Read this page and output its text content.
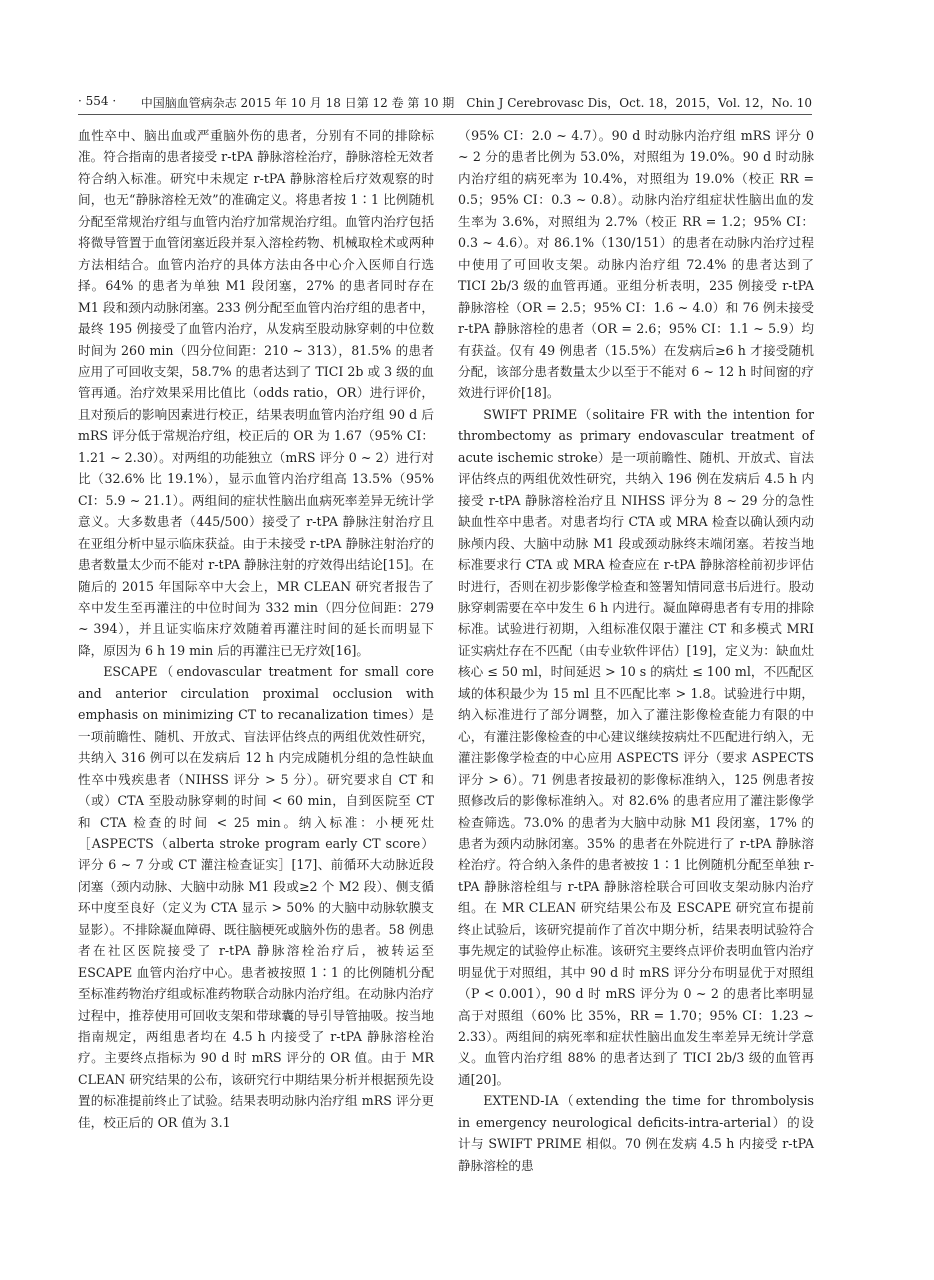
· 554 · 中国脑血管病杂志 2015 年 10 月 18 日第 12 卷 第 10 期　Chin J Cerebrovasc Dis，Oct. 18，2015，Vol. 12，No. 10

血性卒中、脑出血或严重脑外伤的患者，分别有不同的排除标准。符合指南的患者接受 r-tPA 静脉溶栓治疗，静脉溶栓无效者符合纳入标准。研究中未规定 r-tPA 静脉溶栓后疗效观察的时间，也无“静脉溶栓无效”的准确定义。将患者按 1∶1 比例随机分配至常规治疗组与血管内治疗加常规治疗组。血管内治疗包括将微导管置于血管闭塞近段并泵入溶栓药物、机械取栓术或两种方法相结合。血管内治疗的具体方法由各中心介入医师自行选择。64% 的患者为单独 M1 段闭塞，27% 的患者同时存在 M1 段和颈内动脉闭塞。233 例分配至血管内治疗组的患者中，最终 195 例接受了血管内治疗，从发病至股动脉穿刺的中位数时间为 260 min（四分位间距：210 ~ 313），81.5% 的患者应用了可回收支架，58.7% 的患者达到了 TICI 2b 或 3 级的血管再通。治疗效果采用比值比（odds ratio，OR）进行评价，且对预后的影响因素进行校正，结果表明血管内治疗组 90 d 后 mRS 评分低于常规治疗组，校正后的 OR 为 1.67（95% CI：1.21 ~ 2.30）。对两组的功能独立（mRS 评分 0 ~ 2）进行对比（32.6% 比 19.1%），显示血管内治疗组高 13.5%（95% CI：5.9 ~ 21.1）。两组间的症状性脑出血病死率差异无统计学意义。大多数患者（445/500）接受了 r-tPA 静脉注射治疗且在亚组分析中显示临床获益。由于未接受 r-tPA 静脉注射治疗的患者数量太少而不能对 r-tPA 静脉注射的疗效得出结论[15]。在随后的 2015 年国际卒中大会上，MR CLEAN 研究者报告了卒中发生至再灌注的中位时间为 332 min（四分位间距：279 ~ 394），并且证实临床疗效随着再灌注时间的延长而明显下降，原因为 6 h 19 min 后的再灌注已无疗效[16]。

ESCAPE（endovascular treatment for small core and anterior circulation proximal occlusion with emphasis on minimizing CT to recanalization times）是一项前瞻性、随机、开放式、盲法评估终点的两组优效性研究，共纳入 316 例可以在发病后 12 h 内完成随机分组的急性缺血性卒中残疾患者（NIHSS 评分 > 5 分）。研究要求自 CT 和（或）CTA 至股动脉穿刺的时间 < 60 min，自到医院至 CT 和 CTA 检查的时间 < 25 min。纳入标准：小梗死灶［ASPECTS（alberta stroke program early CT score）评分 6 ~ 7 分或 CT 灌注检查证实］[17]、前循环大动脉近段闭塞（颈内动脉、大脑中动脉 M1 段或≥2 个 M2 段）、侧支循环中度至良好（定义为 CTA 显示 > 50% 的大脑中动脉软膜支显影）。不排除凝血障碍、既往脑梗死或脑外伤的患者。58 例患者在社区医院接受了 r-tPA 静脉溶栓治疗后，被转运至 ESCAPE 血管内治疗中心。患者被按照 1∶1 的比例随机分配至标准药物治疗组或标准药物联合动脉内治疗组。在动脉内治疗过程中，推荐使用可回收支架和带球囊的导引导管抽吸。按当地指南规定，两组患者均在 4.5 h 内接受了 r-tPA 静脉溶栓治疗。主要终点指标为 90 d 时 mRS 评分的 OR 值。由于 MR CLEAN 研究结果的公布，该研究行中期结果分析并根据预先设置的标准提前终止了试验。结果表明动脉内治疗组 mRS 评分更佳，校正后的 OR 值为 3.1

（95% CI：2.0 ~ 4.7）。90 d 时动脉内治疗组 mRS 评分 0 ~ 2 分的患者比例为 53.0%，对照组为 19.0%。90 d 时动脉内治疗组的病死率为 10.4%，对照组为 19.0%（校正 RR = 0.5；95% CI：0.3 ~ 0.8）。动脉内治疗组症状性脑出血的发生率为 3.6%，对照组为 2.7%（校正 RR = 1.2；95% CI：0.3 ~ 4.6）。对 86.1%（130/151）的患者在动脉内治疗过程中使用了可回收支架。动脉内治疗组 72.4% 的患者达到了 TICI 2b/3 级的血管再通。亚组分析表明，235 例接受 r-tPA 静脉溶栓（OR = 2.5；95% CI：1.6 ~ 4.0）和 76 例未接受 r-tPA 静脉溶栓的患者（OR = 2.6；95% CI：1.1 ~ 5.9）均有获益。仅有 49 例患者（15.5%）在发病后≥6 h 才接受随机分配，该部分患者数量太少以至于不能对 6 ~ 12 h 时间窗的疗效进行评价[18]。

SWIFT PRIME（solitaire FR with the intention for thrombectomy as primary endovascular treatment of acute ischemic stroke）是一项前瞻性、随机、开放式、盲法评估终点的两组优效性研究，共纳入 196 例在发病后 4.5 h 内接受 r-tPA 静脉溶栓治疗且 NIHSS 评分为 8 ~ 29 分的急性缺血性卒中患者。对患者均行 CTA 或 MRA 检查以确认颈内动脉颅内段、大脑中动脉 M1 段或颈动脉终末端闭塞。若按当地标准要求行 CTA 或 MRA 检查应在 r-tPA 静脉溶栓前初步评估时进行，否则在初步影像学检查和签署知情同意书后进行。股动脉穿刺需要在卒中发生 6 h 内进行。凝血障碍患者有专用的排除标准。试验进行初期，入组标准仅限于灌注 CT 和多模式 MRI 证实病灶存在不匹配（由专业软件评估）[19]，定义为：缺血灶核心 ≤ 50 ml，时间延迟 > 10 s 的病灶 ≤ 100 ml，不匹配区域的体积最少为 15 ml 且不匹配比率 > 1.8。试验进行中期，纳入标准进行了部分调整，加入了灌注影像检查能力有限的中心，有灌注影像检查的中心建议继续按病灶不匹配进行纳入，无灌注影像学检查的中心应用 ASPECTS 评分（要求 ASPECTS 评分 > 6）。71 例患者按最初的影像标准纳入，125 例患者按照修改后的影像标准纳入。对 82.6% 的患者应用了灌注影像学检查筛选。73.0% 的患者为大脑中动脉 M1 段闭塞，17% 的患者为颈内动脉闭塞。35% 的患者在外院进行了 r-tPA 静脉溶栓治疗。符合纳入条件的患者被按 1∶1 比例随机分配至单独 r-tPA 静脉溶栓组与 r-tPA 静脉溶栓联合可回收支架动脉内治疗组。在 MR CLEAN 研究结果公布及 ESCAPE 研究宣布提前终止试验后，该研究提前作了首次中期分析，结果表明试验符合事先规定的试验停止标准。该研究主要终点评价表明血管内治疗明显优于对照组，其中 90 d 时 mRS 评分分布明显优于对照组（P < 0.001），90 d 时 mRS 评分为 0 ~ 2 的患者比率明显高于对照组（60% 比 35%，RR = 1.70；95% CI：1.23 ~ 2.33）。两组间的病死率和症状性脑出血发生率差异无统计学意义。血管内治疗组 88% 的患者达到了 TICI 2b/3 级的血管再通[20]。

EXTEND-IA（extending the time for thrombolysis in emergency neurological deficits-intra-arterial）的设计与 SWIFT PRIME 相似。70 例在发病 4.5 h 内接受 r-tPA 静脉溶栓的患
